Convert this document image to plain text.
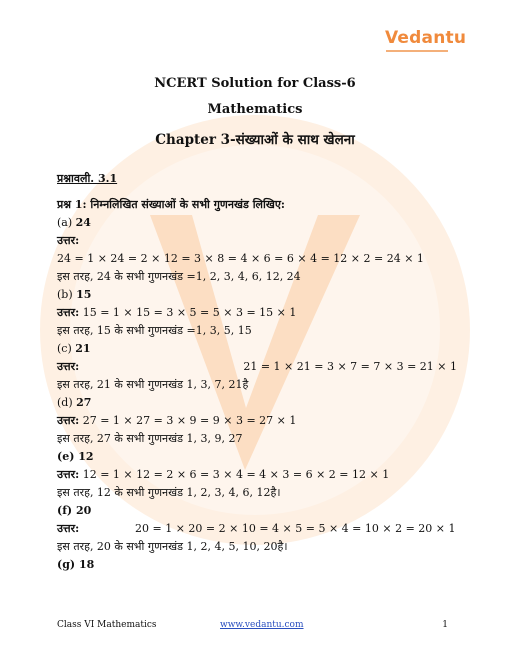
Vedantu
NCERT Solution for Class-6
Mathematics
Chapter 3-संख्याओं के साथ खेलना
प्रश्नावली. 3.1
प्रश्न 1: निम्नलिखित संख्याओं के सभी गुणनखंड लिखिए:
(a) 24
उत्तर:
24 = 1 × 24 = 2 × 12 = 3 × 8 = 4 × 6 = 6 × 4 = 12 × 2 = 24 × 1
इस तरह, 24 के सभी गुणनखंड =1, 2, 3, 4, 6, 12, 24
(b) 15
उत्तर: 15 = 1 × 15 = 3 × 5 = 5 × 3 = 15 × 1
इस तरह, 15 के सभी गुणनखंड =1, 3, 5, 15
(c) 21
उत्तर:	21 = 1 × 21 = 3 × 7 = 7 × 3 = 21 × 1
इस तरह, 21 के सभी गुणनखंड 1, 3, 7, 21है
(d) 27
उत्तर: 27 = 1 × 27 = 3 × 9 = 9 × 3 = 27 × 1
इस तरह, 27 के सभी गुणनखंड 1, 3, 9, 27
(e) 12
उत्तर: 12 = 1 × 12 = 2 × 6 = 3 × 4 = 4 × 3 = 6 × 2 = 12 × 1
इस तरह, 12 के सभी गुणनखंड 1, 2, 3, 4, 6, 12है।
(f) 20
उत्तर:	20 = 1 × 20 = 2 × 10 = 4 × 5 = 5 × 4 = 10 × 2 = 20 × 1
इस तरह, 20 के सभी गुणनखंड 1, 2, 4, 5, 10, 20है।
(g) 18
Class VI Mathematics	www.vedantu.com	1
